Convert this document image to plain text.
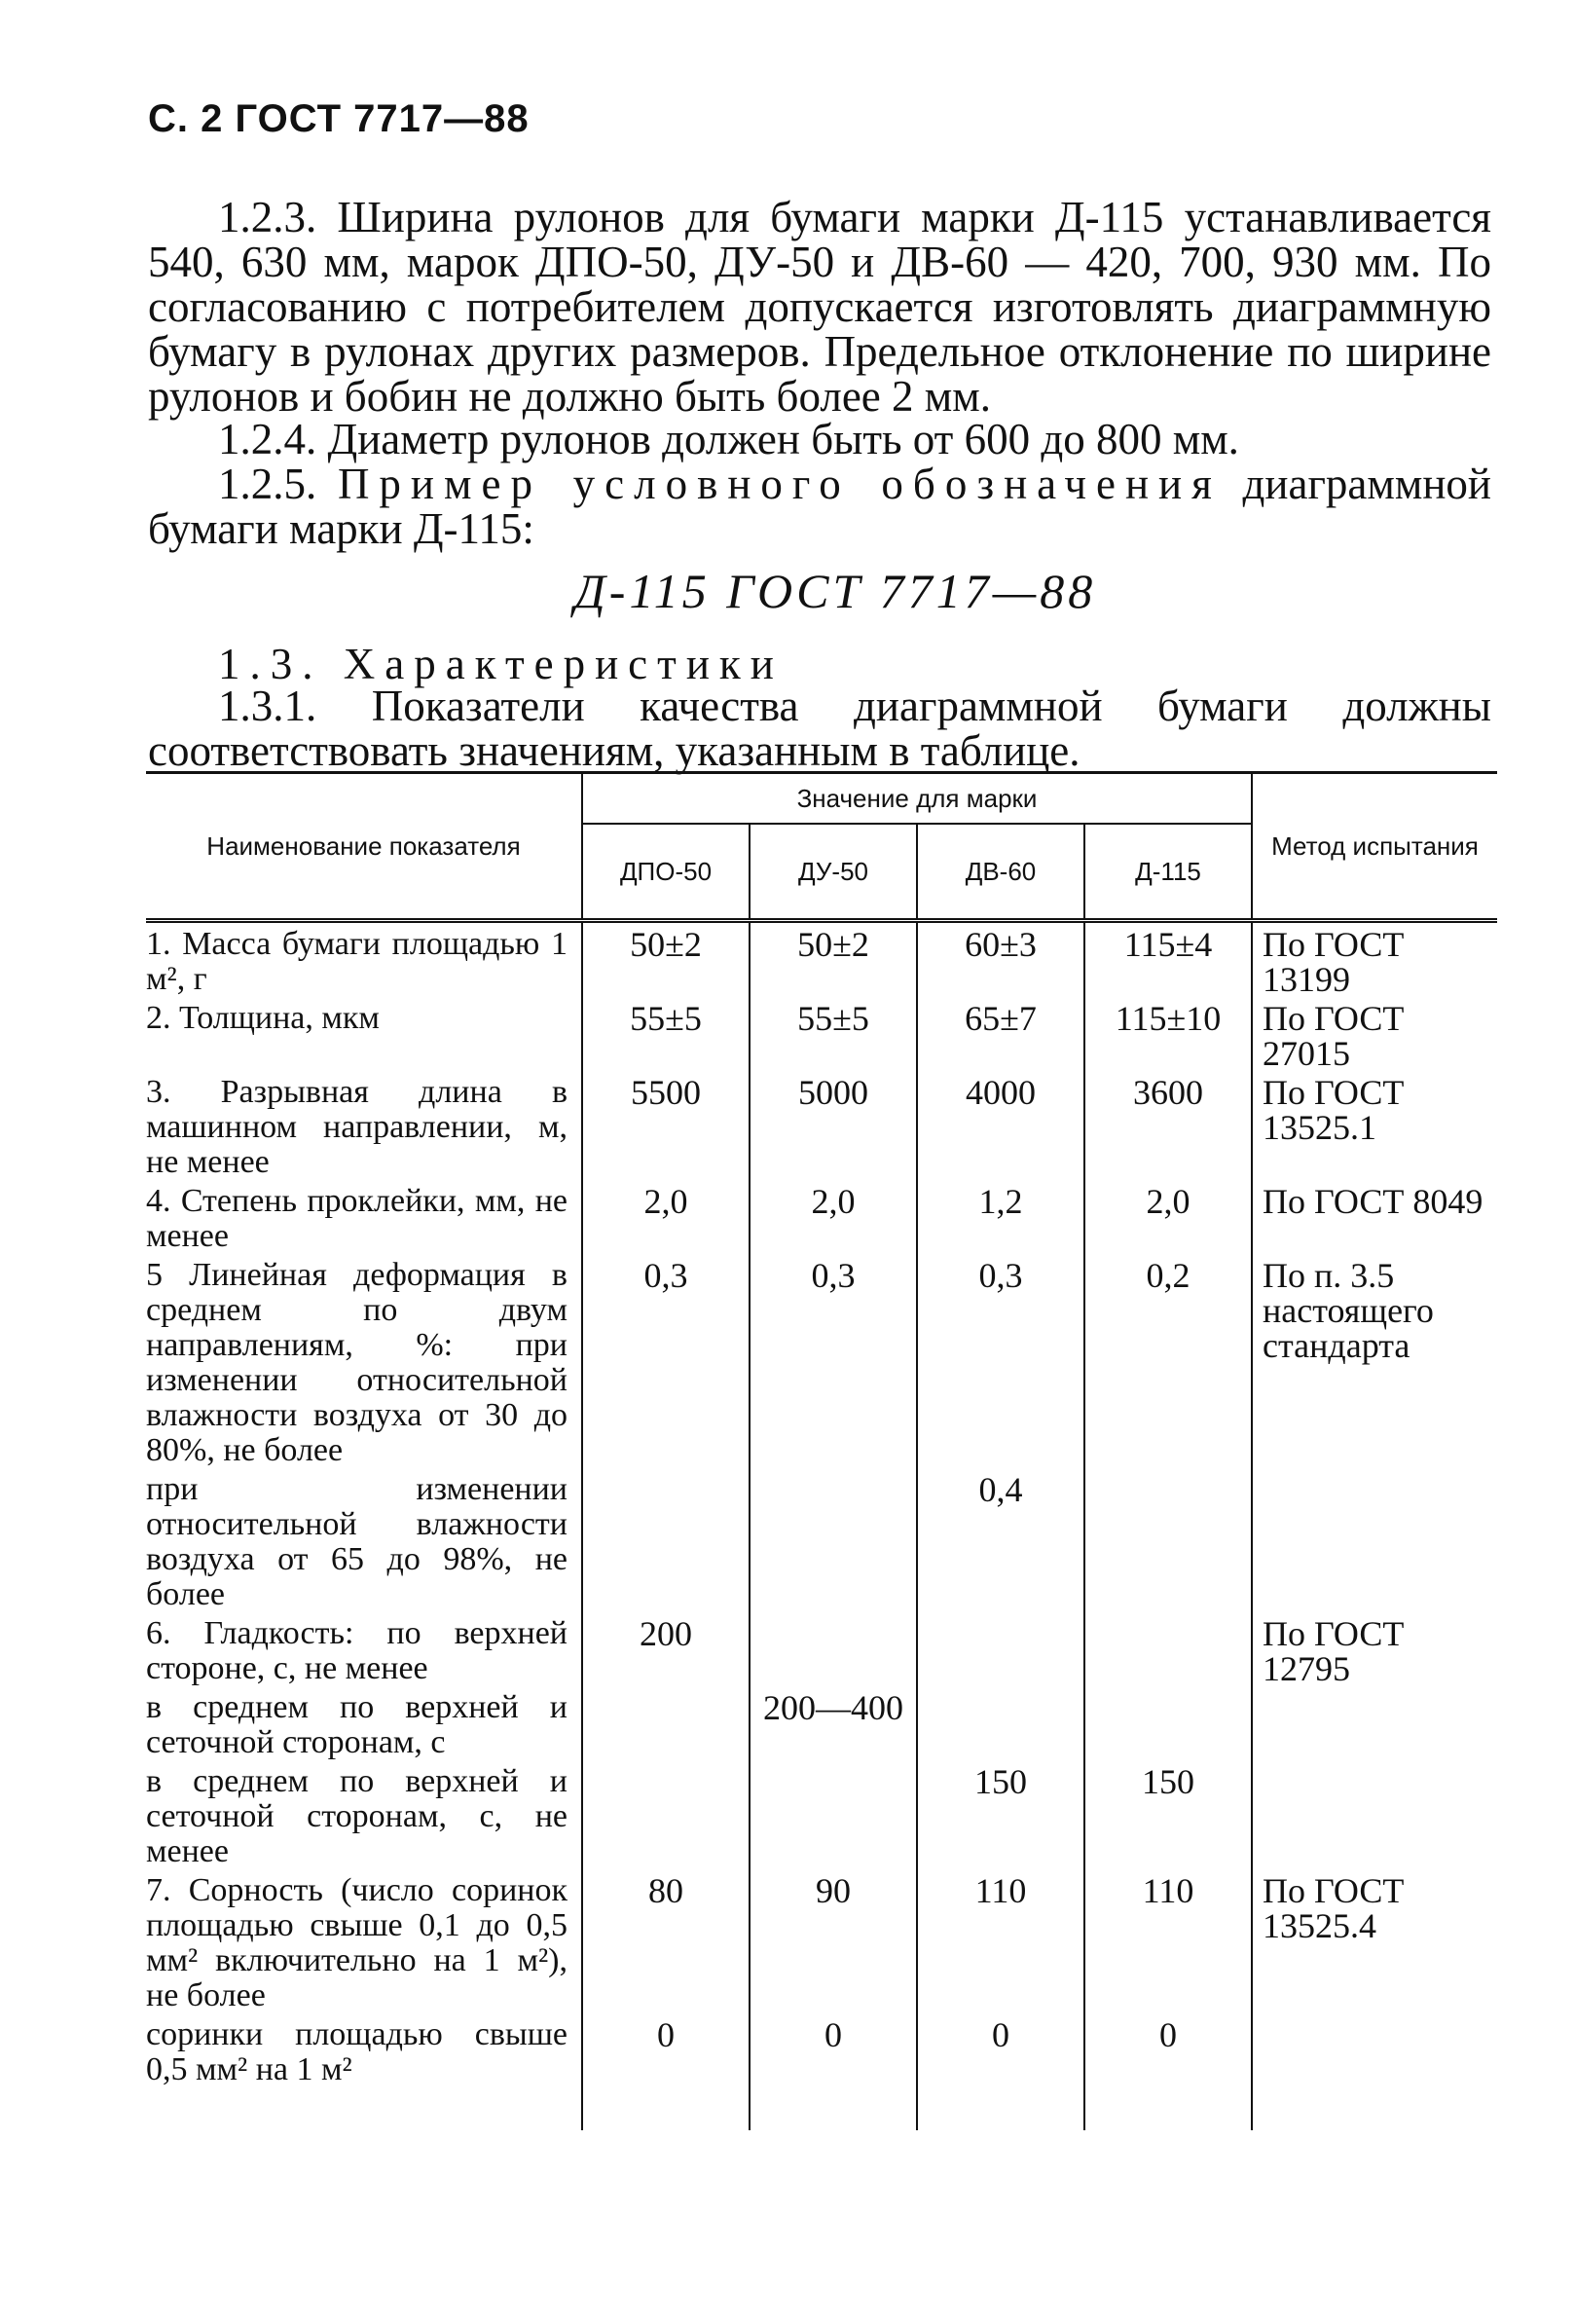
С. 2 ГОСТ 7717—88
1.2.3. Ширина рулонов для бумаги марки Д-115 устанавливается 540, 630 мм, марок ДПО-50, ДУ-50 и ДВ-60 — 420, 700, 930 мм. По согласованию с потребителем допускается изготовлять диаграммную бумагу в рулонах других размеров. Предельное отклонение по ширине рулонов и бобин не должно быть более 2 мм.
1.2.4. Диаметр рулонов должен быть от 600 до 800 мм.
1.2.5. Пример условного обозначения диаграммной бумаги марки Д-115:
Д-115 ГОСТ 7717—88
1.3. Характеристики
1.3.1. Показатели качества диаграммной бумаги должны соответствовать значениям, указанным в таблице.
Наименование показателя	Значение для марки				Метод испытания
	ДПО-50	ДУ-50	ДВ-60	Д-115	
1. Масса бумаги площадью 1 м², г	50±2	50±2	60±3	115±4	По ГОСТ 13199
2. Толщина, мкм	55±5	55±5	65±7	115±10	По ГОСТ 27015
3. Разрывная длина в машинном направлении, м, не менее	5500	5000	4000	3600	По ГОСТ 13525.1
4. Степень проклейки, мм, не менее	2,0	2,0	1,2	2,0	По ГОСТ 8049
5 Линейная деформация в среднем по двум направлениям, %: при изменении относительной влажности воздуха от 30 до 80%, не более	0,3	0,3	0,3	0,2	По п. 3.5 настоящего стандарта
при изменении относительной влажности воздуха от 65 до 98%, не более			0,4		
6. Гладкость: по верхней стороне, с, не менее	200				По ГОСТ 12795
в среднем по верхней и сеточной сторонам, с		200—400			
в среднем по верхней и сеточной сторонам, с, не менее			150	150	
7. Сорность (число соринок площадью свыше 0,1 до 0,5 мм² включительно на 1 м²), не более	80	90	110	110	По ГОСТ 13525.4
соринки площадью свыше 0,5 мм² на 1 м²	0	0	0	0	
